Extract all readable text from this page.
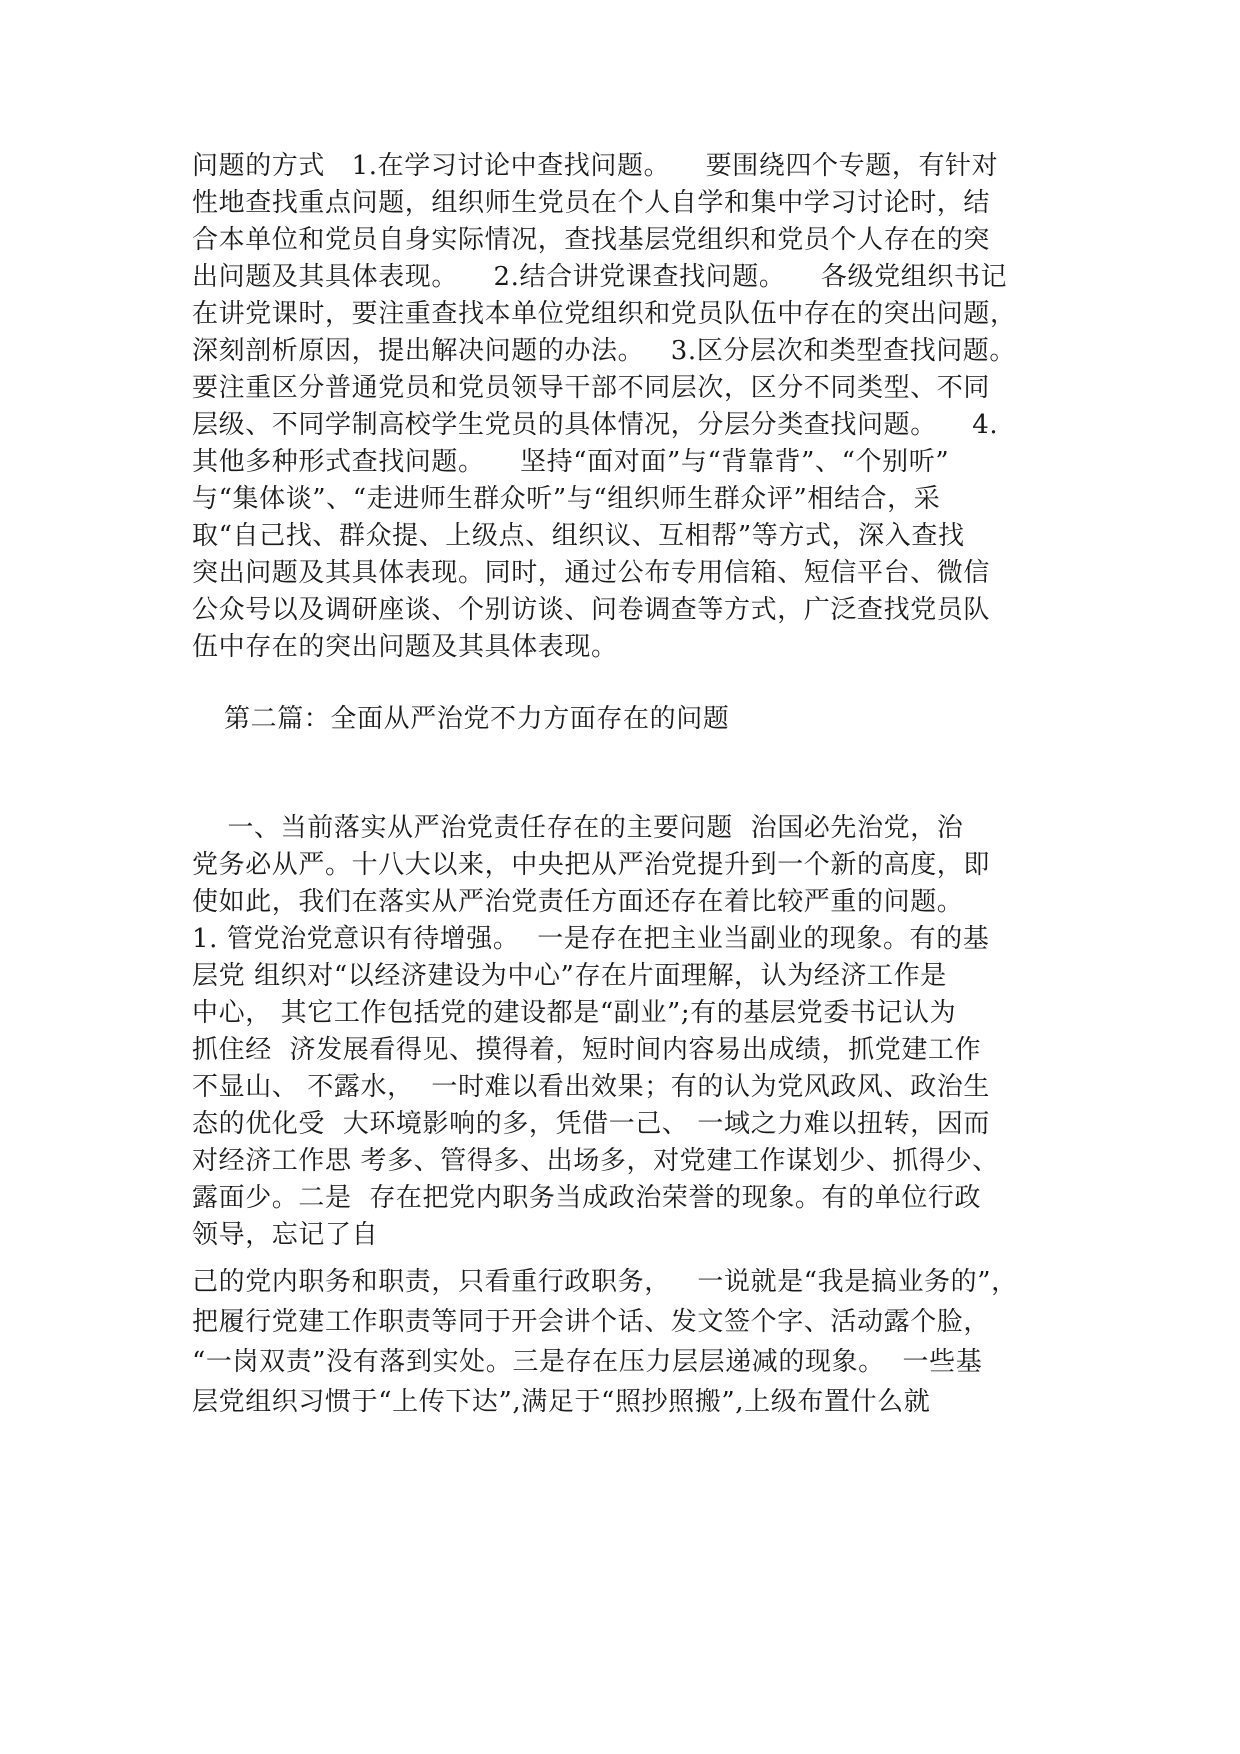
问题的方式   1.在学习讨论中查找问题。    要围绕四个专题，有针对
性地查找重点问题，组织师生党员在个人自学和集中学习讨论时，结
合本单位和党员自身实际情况，查找基层党组织和党员个人存在的突
出问题及其具体表现。    2.结合讲党课查找问题。    各级党组织书记
在讲党课时，要注重查找本单位党组织和党员队伍中存在的突出问题，
深刻剖析原因，提出解决问题的办法。   3.区分层次和类型查找问题。
要注重区分普通党员和党员领导干部不同层次，区分不同类型、不同
层级、不同学制高校学生党员的具体情况，分层分类查找问题。    4.
其他多种形式查找问题。    坚持“面对面”与“背靠背”、“个别听”
与“集体谈”、“走进师生群众听”与“组织师生群众评”相结合，采
取“自己找、群众提、上级点、组织议、互相帮”等方式，深入查找
突出问题及其具体表现。同时，通过公布专用信箱、短信平台、微信
公众号以及调研座谈、个别访谈、问卷调查等方式，广泛查找党员队
伍中存在的突出问题及其具体表现。
第二篇：全面从严治党不力方面存在的问题
一、当前落实从严治党责任存在的主要问题  治国必先治党，治
党务必从严。十八大以来，中央把从严治党提升到一个新的高度，即
使如此，我们在落实从严治党责任方面还存在着比较严重的问题。
1. 管党治党意识有待增强。  一是存在把主业当副业的现象。有的基
层党 组织对“以经济建设为中心”存在片面理解，认为经济工作是
中心， 其它工作包括党的建设都是“副业”;有的基层党委书记认为
抓住经  济发展看得见、摸得着，短时间内容易出成绩，抓党建工作
不显山、 不露水，  一时难以看出效果；有的认为党风政风、政治生
态的优化受  大环境影响的多，凭借一己、 一域之力难以扭转，因而
对经济工作思 考多、管得多、出场多，对党建工作谋划少、抓得少、
露面少。二是  存在把党内职务当成政治荣誉的现象。有的单位行政
领导，忘记了自
己的党内职务和职责，只看重行政职务，   一说就是“我是搞业务的”，
把履行党建工作职责等同于开会讲个话、发文签个字、活动露个脸，
“一岗双责”没有落到实处。三是存在压力层层递减的现象。  一些基
层党组织习惯于“上传下达”,满足于“照抄照搬”,上级布置什么就
